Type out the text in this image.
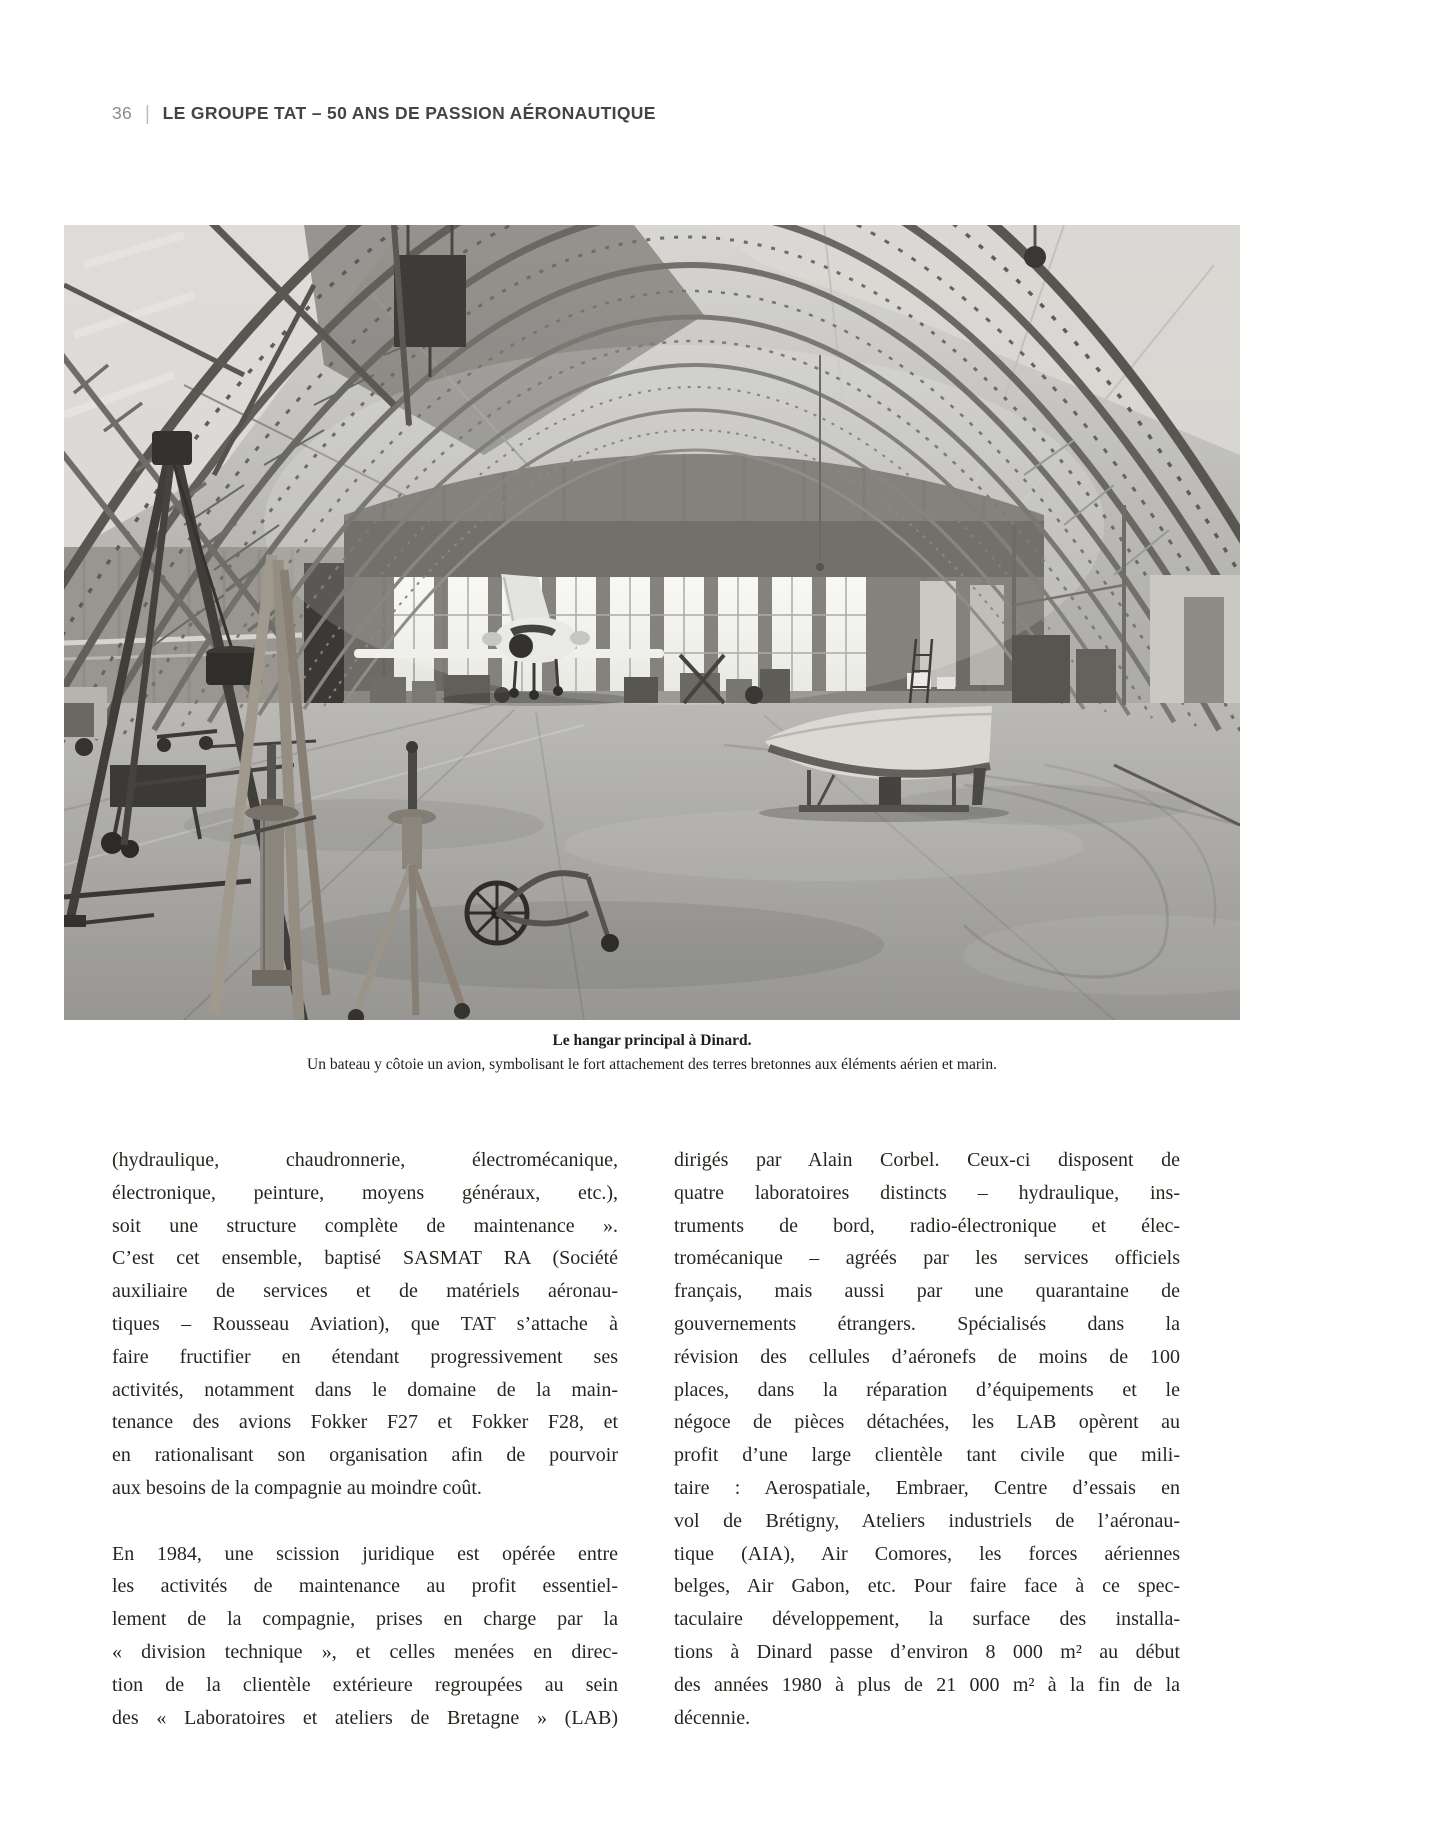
36 | LE GROUPE TAT – 50 ANS DE PASSION AÉRONAUTIQUE
Le hangar principal à Dinard.
Un bateau y côtoie un avion, symbolisant le fort attachement des terres bretonnes aux éléments aérien et marin.
(hydraulique, chaudronnerie, électromécanique,
électronique, peinture, moyens généraux, etc.),
soit une structure complète de maintenance ».
C’est cet ensemble, baptisé SASMAT RA (Société
auxiliaire de services et de matériels aéronau-
tiques – Rousseau Aviation), que TAT s’attache à
faire fructifier en étendant progressivement ses
activités, notamment dans le domaine de la main-
tenance des avions Fokker F27 et Fokker F28, et
en rationalisant son organisation afin de pourvoir
aux besoins de la compagnie au moindre coût.
En 1984, une scission juridique est opérée entre
les activités de maintenance au profit essentiel-
lement de la compagnie, prises en charge par la
« division technique », et celles menées en direc-
tion de la clientèle extérieure regroupées au sein
des « Laboratoires et ateliers de Bretagne » (LAB)
dirigés par Alain Corbel. Ceux-ci disposent de
quatre laboratoires distincts – hydraulique, ins-
truments de bord, radio-électronique et élec-
tromécanique – agréés par les services officiels
français, mais aussi par une quarantaine de
gouvernements étrangers. Spécialisés dans la
révision des cellules d’aéronefs de moins de 100
places, dans la réparation d’équipements et le
négoce de pièces détachées, les LAB opèrent au
profit d’une large clientèle tant civile que mili-
taire : Aerospatiale, Embraer, Centre d’essais en
vol de Brétigny, Ateliers industriels de l’aéronau-
tique (AIA), Air Comores, les forces aériennes
belges, Air Gabon, etc. Pour faire face à ce spec-
taculaire développement, la surface des installa-
tions à Dinard passe d’environ 8 000 m² au début
des années 1980 à plus de 21 000 m² à la fin de la
décennie.
